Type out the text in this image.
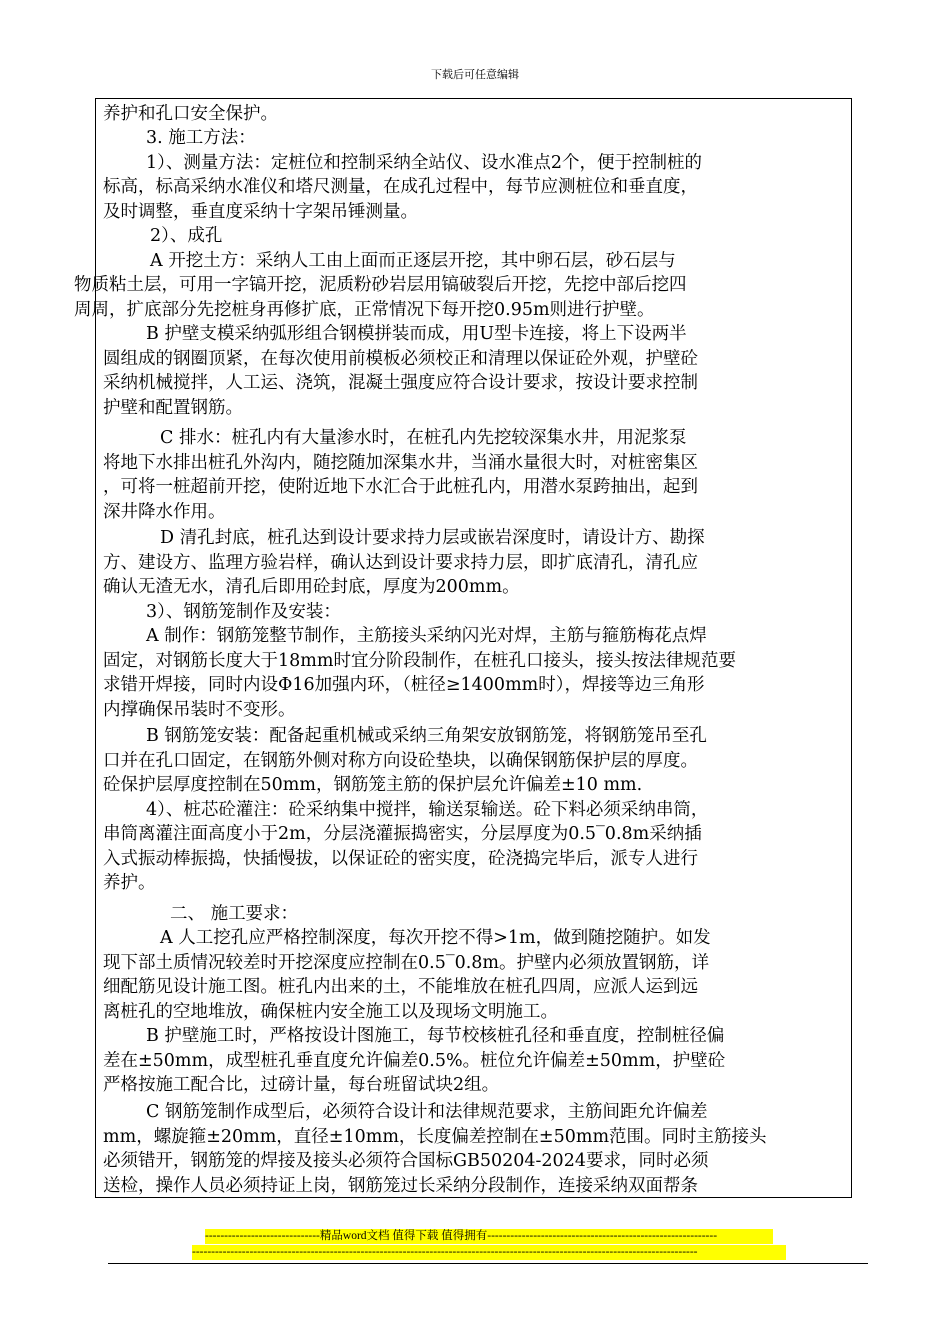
下载后可任意编辑
养护和孔口安全保护。
3. 施工方法：
1）、测量方法：定桩位和控制采纳全站仪、设水准点2个，便于控制桩的
标高，标高采纳水准仪和塔尺测量，在成孔过程中，每节应测桩位和垂直度，
及时调整，垂直度采纳十字架吊锤测量。
2）、成孔
A 开挖土方：采纳人工由上面而正逐层开挖，其中卵石层，砂石层与
物质粘土层，可用一字镐开挖，泥质粉砂岩层用镐破裂后开挖，先挖中部后挖四
周周，扩底部分先挖桩身再修扩底，正常情况下每开挖0.95m则进行护壁。
B 护壁支模采纳弧形组合钢模拼装而成，用U型卡连接，将上下设两半
圆组成的钢圈顶紧，在每次使用前模板必须校正和清理以保证砼外观，护壁砼
采纳机械搅拌，人工运、浇筑，混凝土强度应符合设计要求，按设计要求控制
护壁和配置钢筋。
C 排水：桩孔内有大量渗水时，在桩孔内先挖较深集水井，用泥浆泵
将地下水排出桩孔外沟内，随挖随加深集水井，当涌水量很大时，对桩密集区
，可将一桩超前开挖，使附近地下水汇合于此桩孔内，用潜水泵跨抽出，起到
深井降水作用。
D 清孔封底，桩孔达到设计要求持力层或嵌岩深度时，请设计方、勘探
方、建设方、监理方验岩样，确认达到设计要求持力层，即扩底清孔，清孔应
确认无渣无水，清孔后即用砼封底，厚度为200mm。
3）、钢筋笼制作及安装：
A 制作：钢筋笼整节制作，主筋接头采纳闪光对焊，主筋与箍筋梅花点焊
固定，对钢筋长度大于18mm时宜分阶段制作，在桩孔口接头，接头按法律规范要
求错开焊接，同时内设Φ16加强内环，（桩径≥1400mm时），焊接等边三角形
内撑确保吊装时不变形。
B 钢筋笼安装：配备起重机械或采纳三角架安放钢筋笼，将钢筋笼吊至孔
口并在孔口固定，在钢筋外侧对称方向设砼垫块，以确保钢筋保护层的厚度。
砼保护层厚度控制在50mm，钢筋笼主筋的保护层允许偏差±10 mm.
4）、桩芯砼灌注：砼采纳集中搅拌，输送泵输送。砼下料必须采纳串筒，
串筒离灌注面高度小于2m，分层浇灌振捣密实，分层厚度为0.5‾0.8m采纳插
入式振动棒振捣，快插慢拔，以保证砼的密实度，砼浇捣完毕后，派专人进行
养护。
二、 施工要求：
A 人工挖孔应严格控制深度，每次开挖不得>1m，做到随挖随护。如发
现下部土质情况较差时开挖深度应控制在0.5‾0.8m。护壁内必须放置钢筋，详
细配筋见设计施工图。桩孔内出来的土，不能堆放在桩孔四周，应派人运到远
离桩孔的空地堆放，确保桩内安全施工以及现场文明施工。
B 护壁施工时，严格按设计图施工，每节校核桩孔径和垂直度，控制桩径偏
差在±50mm，成型桩孔垂直度允许偏差0.5%。桩位允许偏差±50mm，护壁砼
严格按施工配合比，过磅计量，每台班留试块2组。
C 钢筋笼制作成型后，必须符合设计和法律规范要求，主筋间距允许偏差
mm，螺旋箍±20mm，直径±10mm，长度偏差控制在±50mm范围。同时主筋接头
必须错开，钢筋笼的焊接及接头必须符合国标GB50204-2024要求，同时必须
送检，操作人员必须持证上岗，钢筋笼过长采纳分段制作，连接采纳双面帮条
------------------------------精品word文档 值得下载 值得拥有------------------------------------------------------------
------------------------------------------------------------------------------------------------------------------------------------
